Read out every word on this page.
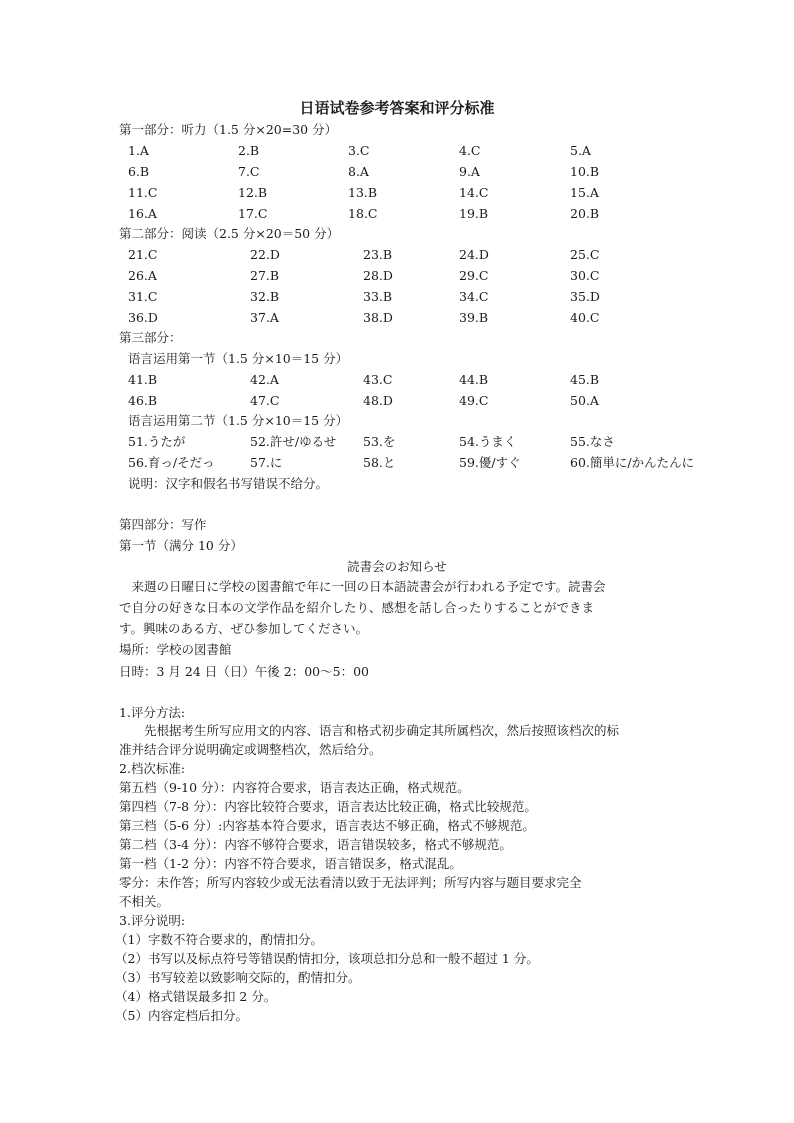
日语试卷参考答案和评分标准
第一部分：听力（1.5 分×20=30 分）
1.A	2.B	3.C	4.C	5.A
6.B	7.C	8.A	9.A	10.B
11.C	12.B	13.B	14.C	15.A
16.A	17.C	18.C	19.B	20.B
第二部分：阅读（2.5 分×20＝50 分）
21.C	22.D	23.B	24.D	25.C
26.A	27.B	28.D	29.C	30.C
31.C	32.B	33.B	34.C	35.D
36.D	37.A	38.D	39.B	40.C
第三部分：
语言运用第一节（1.5 分×10＝15 分）
41.B	42.A	43.C	44.B	45.B
46.B	47.C	48.D	49.C	50.A
语言运用第二节（1.5 分×10＝15 分）
51.うたが	52.許せ/ゆるせ 53.を	54.うまく	55.なさ
56.育っ/そだっ	57.に	58.と	59.優/すぐ	60.簡単に/かんたんに
说明：汉字和假名书写错误不给分。
第四部分：写作
第一节（满分 10 分）
読書会のお知らせ
来週の日曜日に学校の図書館で年に一回の日本語読書会が行われる予定です。読書会
で自分の好きな日本の文学作品を紹介したり、感想を話し合ったりすることができま
す。興味のある方、ぜひ参加してください。
場所：学校の図書館
日時：3 月 24 日（日）午後 2：00～5：00
1.评分方法:
先根据考生所写应用文的内容、语言和格式初步确定其所属档次，然后按照该档次的标
准并结合评分说明确定或调整档次，然后给分。
2.档次标准:
第五档（9-10 分）：内容符合要求，语言表达正确，格式规范。
第四档（7-8 分）：内容比较符合要求，语言表达比较正确，格式比较规范。
第三档（5-6 分）:内容基本符合要求，语言表达不够正确，格式不够规范。
第二档（3-4 分）：内容不够符合要求，语言错误较多，格式不够规范。
第一档（1-2 分）：内容不符合要求，语言错误多，格式混乱。
零分：未作答；所写内容较少或无法看清以致于无法评判；所写内容与题目要求完全
不相关。
3.评分说明:
（1）字数不符合要求的，酌情扣分。
（2）书写以及标点符号等错误酌情扣分，该项总扣分总和一般不超过 1 分。
（3）书写较差以致影响交际的，酌情扣分。
（4）格式错误最多扣 2 分。
（5）内容定档后扣分。
